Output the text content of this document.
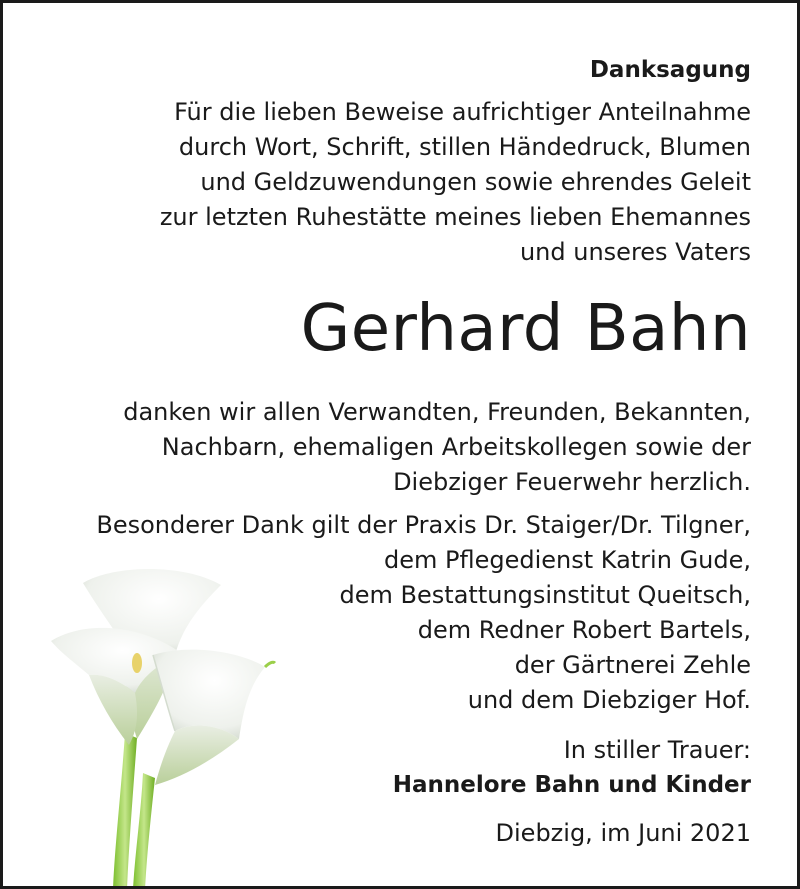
Danksagung
Für die lieben Beweise aufrichtiger Anteilnahme
durch Wort, Schrift, stillen Händedruck, Blumen
und Geldzuwendungen sowie ehrendes Geleit
zur letzten Ruhestätte meines lieben Ehemannes
und unseres Vaters
Gerhard Bahn
danken wir allen Verwandten, Freunden, Bekannten,
Nachbarn, ehemaligen Arbeitskollegen sowie der
Diebziger Feuerwehr herzlich.
Besonderer Dank gilt der Praxis Dr. Staiger/Dr. Tilgner,
dem Pflegedienst Katrin Gude,
dem Bestattungsinstitut Queitsch,
dem Redner Robert Bartels,
der Gärtnerei Zehle
und dem Diebziger Hof.
In stiller Trauer:
Hannelore Bahn und Kinder
Diebzig, im Juni 2021
